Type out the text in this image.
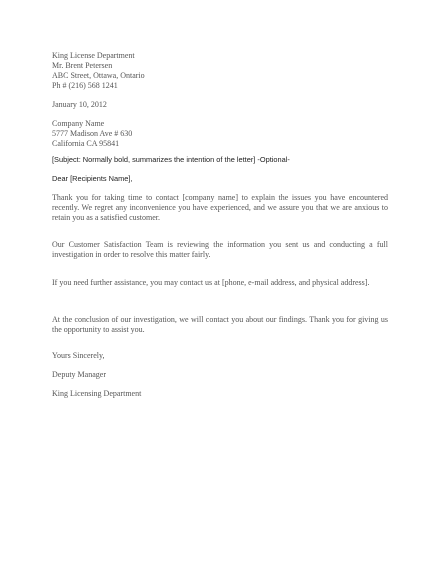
King License Department
Mr. Brent Petersen
ABC Street, Ottawa, Ontario
Ph # (216) 568 1241
January 10, 2012
Company Name
5777 Madison Ave # 630
California CA 95841
[Subject: Normally bold, summarizes the intention of the letter] -Optional-
Dear [Recipients Name],
Thank you for taking time to contact [company name] to explain the issues you have encountered recently. We regret any inconvenience you have experienced, and we assure you that we are anxious to retain you as a satisfied customer.
Our Customer Satisfaction Team is reviewing the information you sent us and conducting a full investigation in order to resolve this matter fairly.
If you need further assistance, you may contact us at [phone, e-mail address, and physical address].
At the conclusion of our investigation, we will contact you about our findings. Thank you for giving us the opportunity to assist you.
Yours Sincerely,
Deputy Manager
King Licensing Department
